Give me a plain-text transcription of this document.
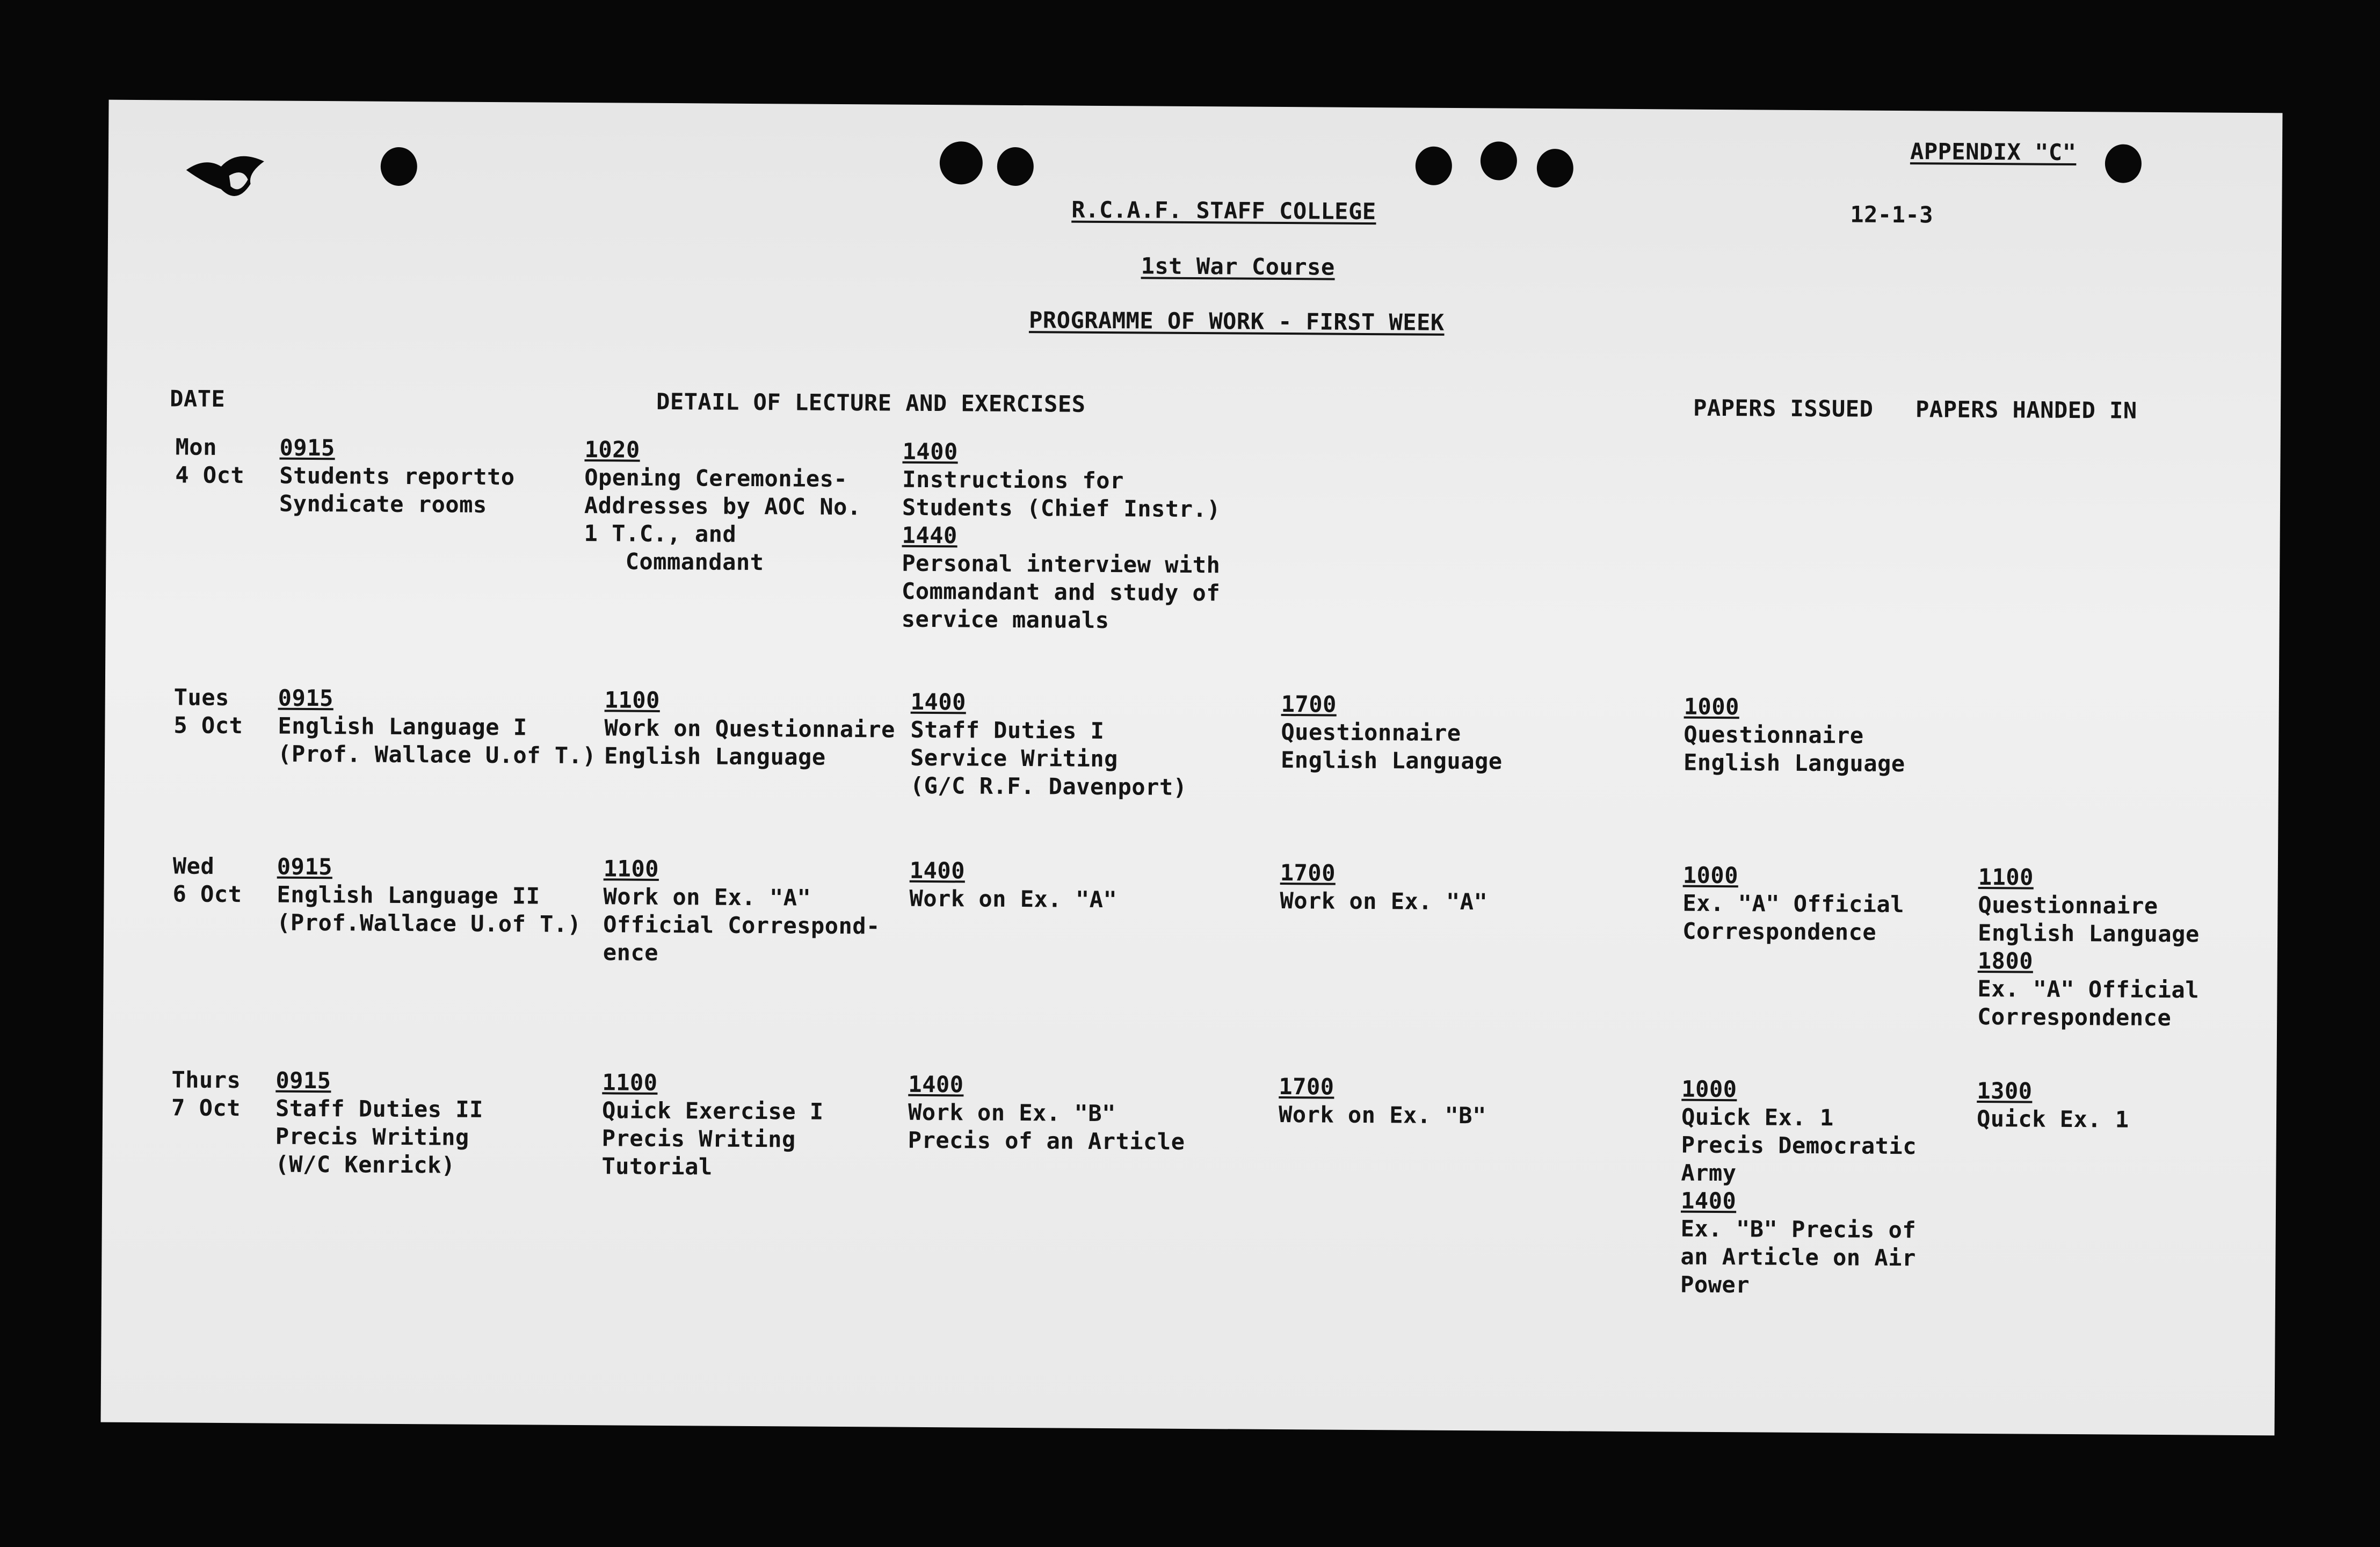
APPENDIX "C"
12-1-3
R.C.A.F. STAFF COLLEGE
1st War Course
PROGRAMME OF WORK - FIRST WEEK
DATE	DETAIL OF LECTURE AND EXERCISES	PAPERS ISSUED PAPERS HANDED IN
Mon
4 Oct
0915
Students reportto
Syndicate rooms
1020
Opening Ceremonies-
Addresses by AOC No.
1 T.C., and
Commandant
1400
Instructions for
Students (Chief Instr.)
1440
Personal interview with
Commandant and study of
service manuals
Tues
5 Oct
0915
English Language I
(Prof. Wallace U.of T.)
1100
Work on Questionnaire
English Language
1400
Staff Duties I
Service Writing
(G/C R.F. Davenport)
1700
Questionnaire
English Language
1000
Questionnaire
English Language
Wed
6 Oct
0915
English Language II
(Prof.Wallace U.of T.)
1100
Work on Ex. "A"
Official Correspond-
ence
1400
Work on Ex. "A"
1700
Work on Ex. "A"
1000
Ex. "A" Official
Correspondence
1100
Questionnaire
English Language
1800
Ex. "A" Official
Correspondence
Thurs
7 Oct
0915
Staff Duties II
Precis Writing
(W/C Kenrick)
1100
Quick Exercise I
Precis Writing
Tutorial
1400
Work on Ex. "B"
Precis of an Article
1700
Work on Ex. "B"
1000
Quick Ex. 1
Precis Democratic
Army
1400
Ex. "B" Precis of
an Article on Air
Power
1300
Quick Ex. 1
